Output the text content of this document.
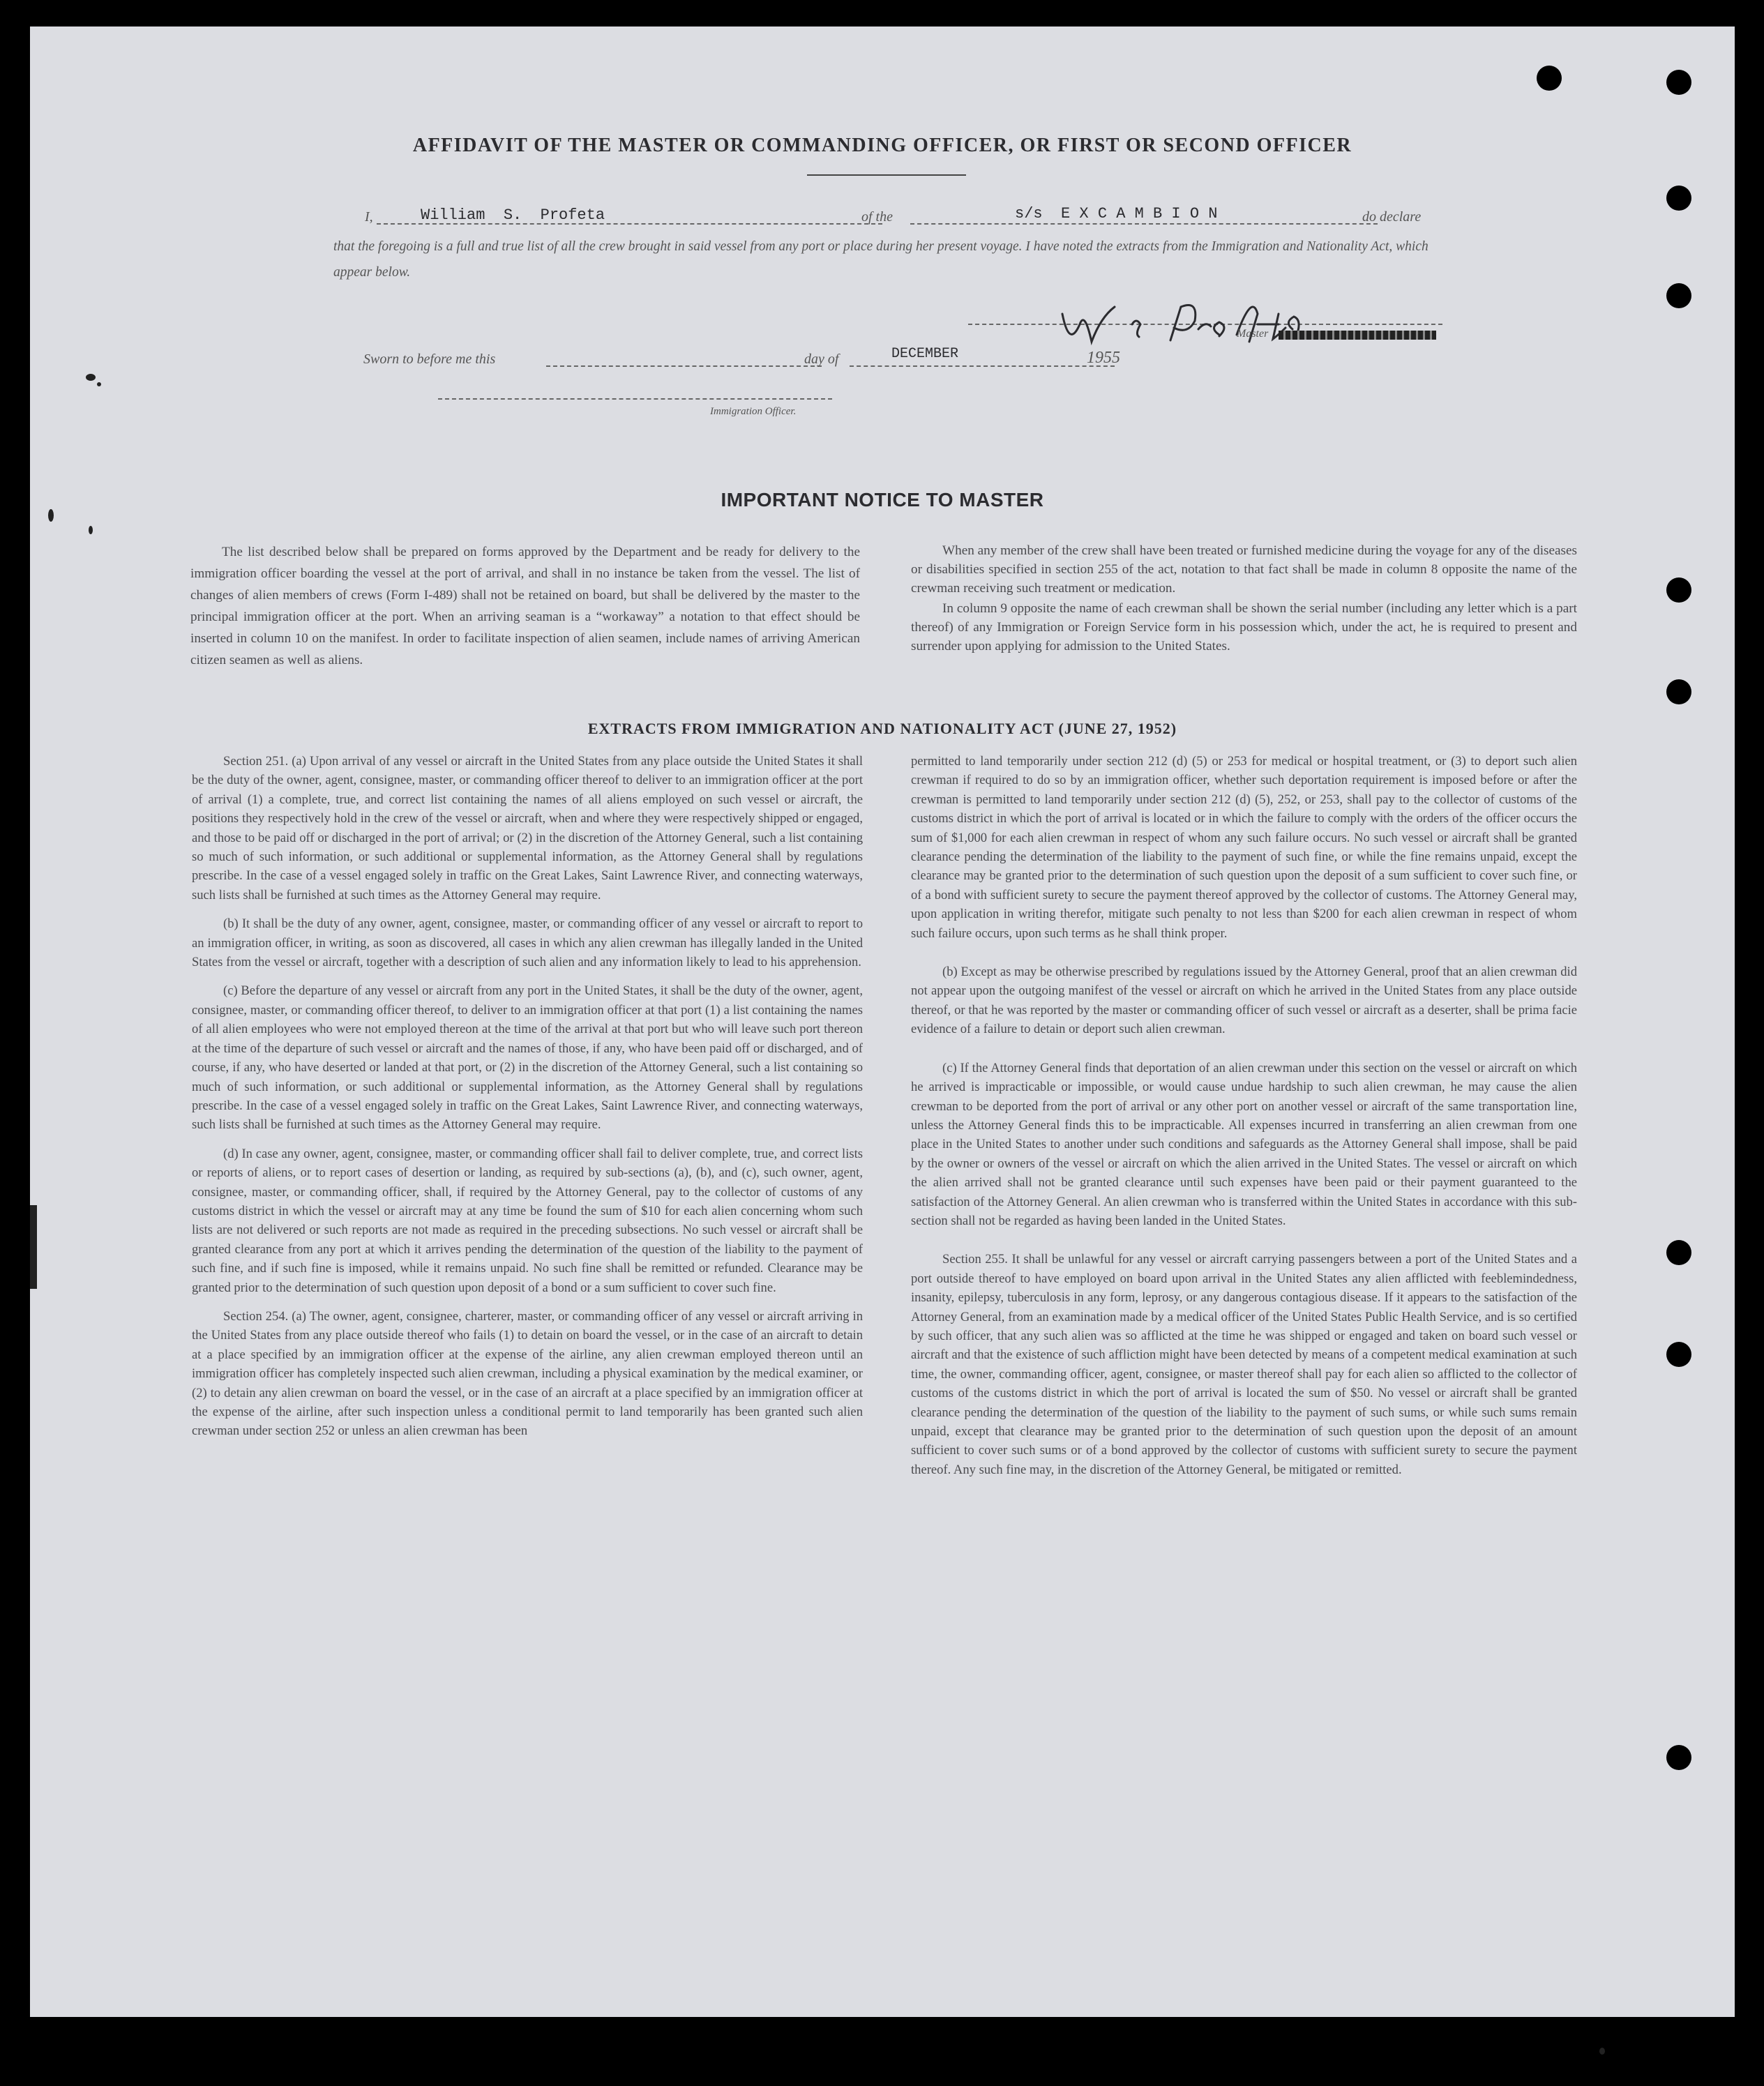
AFFIDAVIT OF THE MASTER OR COMMANDING OFFICER, OR FIRST OR SECOND OFFICER
I,	William  S.  Profeta	of the	s/s  E X C A M B I O N	do declare
that the foregoing is a full and true list of all the crew brought in said vessel from any port or place during her present voyage. I have noted the extracts from the Immigration and Nationality Act, which appear below.
Master
Sworn to before me this	day of	DECEMBER	1955
Immigration Officer.
IMPORTANT NOTICE TO MASTER

The list described below shall be prepared on forms approved by the Department and be ready for delivery to the immigration officer boarding the vessel at the port of arrival, and shall in no instance be taken from the vessel. The list of changes of alien members of crews (Form I-489) shall not be retained on board, but shall be delivered by the master to the principal immigration officer at the port. When an arriving seaman is a “workaway” a notation to that effect should be inserted in column 10 on the manifest. In order to facilitate inspection of alien seamen, include names of arriving American citizen seamen as well as aliens.

When any member of the crew shall have been treated or furnished medicine during the voyage for any of the diseases or disabilities specified in section 255 of the act, notation to that fact shall be made in column 8 opposite the name of the crewman receiving such treatment or medication.

In column 9 opposite the name of each crewman shall be shown the serial number (including any letter which is a part thereof) of any Immigration or Foreign Service form in his possession which, under the act, he is required to present and surrender upon applying for admission to the United States.

EXTRACTS FROM IMMIGRATION AND NATIONALITY ACT (JUNE 27, 1952)

Section 251. (a) Upon arrival of any vessel or aircraft in the United States from any place outside the United States it shall be the duty of the owner, agent, consignee, master, or commanding officer thereof to deliver to an immigration officer at the port of arrival (1) a complete, true, and correct list containing the names of all aliens employed on such vessel or aircraft, the positions they respectively hold in the crew of the vessel or aircraft, when and where they were respectively shipped or engaged, and those to be paid off or discharged in the port of arrival; or (2) in the discretion of the Attorney General, such a list containing so much of such information, or such additional or supplemental information, as the Attorney General shall by regulations prescribe. In the case of a vessel engaged solely in traffic on the Great Lakes, Saint Lawrence River, and connecting waterways, such lists shall be furnished at such times as the Attorney General may require.

(b) It shall be the duty of any owner, agent, consignee, master, or commanding officer of any vessel or aircraft to report to an immigration officer, in writing, as soon as discovered, all cases in which any alien crewman has illegally landed in the United States from the vessel or aircraft, together with a description of such alien and any information likely to lead to his apprehension.

(c) Before the departure of any vessel or aircraft from any port in the United States, it shall be the duty of the owner, agent, consignee, master, or commanding officer thereof, to deliver to an immigration officer at that port (1) a list containing the names of all alien employees who were not employed thereon at the time of the arrival at that port but who will leave such port thereon at the time of the departure of such vessel or aircraft and the names of those, if any, who have been paid off or discharged, and of course, if any, who have deserted or landed at that port, or (2) in the discretion of the Attorney General, such a list containing so much of such information, or such additional or supplemental information, as the Attorney General shall by regulations prescribe. In the case of a vessel engaged solely in traffic on the Great Lakes, Saint Lawrence River, and connecting waterways, such lists shall be furnished at such times as the Attorney General may require.

(d) In case any owner, agent, consignee, master, or commanding officer shall fail to deliver complete, true, and correct lists or reports of aliens, or to report cases of desertion or landing, as required by sub-sections (a), (b), and (c), such owner, agent, consignee, master, or commanding officer, shall, if required by the Attorney General, pay to the collector of customs of any customs district in which the vessel or aircraft may at any time be found the sum of $10 for each alien concerning whom such lists are not delivered or such reports are not made as required in the preceding subsections. No such vessel or aircraft shall be granted clearance from any port at which it arrives pending the determination of the question of the liability to the payment of such fine, and if such fine is imposed, while it remains unpaid. No such fine shall be remitted or refunded. Clearance may be granted prior to the determination of such question upon deposit of a bond or a sum sufficient to cover such fine.

Section 254. (a) The owner, agent, consignee, charterer, master, or commanding officer of any vessel or aircraft arriving in the United States from any place outside thereof who fails (1) to detain on board the vessel, or in the case of an aircraft to detain at a place specified by an immigration officer at the expense of the airline, any alien crewman employed thereon until an immigration officer has completely inspected such alien crewman, including a physical examination by the medical examiner, or (2) to detain any alien crewman on board the vessel, or in the case of an aircraft at a place specified by an immigration officer at the expense of the airline, after such inspection unless a conditional permit to land temporarily has been granted such alien crewman under section 252 or unless an alien crewman has been

permitted to land temporarily under section 212 (d) (5) or 253 for medical or hospital treatment, or (3) to deport such alien crewman if required to do so by an immigration officer, whether such deportation requirement is imposed before or after the crewman is permitted to land temporarily under section 212 (d) (5), 252, or 253, shall pay to the collector of customs of the customs district in which the port of arrival is located or in which the failure to comply with the orders of the officer occurs the sum of $1,000 for each alien crewman in respect of whom any such failure occurs. No such vessel or aircraft shall be granted clearance pending the determination of the liability to the payment of such fine, or while the fine remains unpaid, except the clearance may be granted prior to the determination of such question upon the deposit of a sum sufficient to cover such fine, or of a bond with sufficient surety to secure the payment thereof approved by the collector of customs. The Attorney General may, upon application in writing therefor, mitigate such penalty to not less than $200 for each alien crewman in respect of whom such failure occurs, upon such terms as he shall think proper.

(b) Except as may be otherwise prescribed by regulations issued by the Attorney General, proof that an alien crewman did not appear upon the outgoing manifest of the vessel or aircraft on which he arrived in the United States from any place outside thereof, or that he was reported by the master or commanding officer of such vessel or aircraft as a deserter, shall be prima facie evidence of a failure to detain or deport such alien crewman.

(c) If the Attorney General finds that deportation of an alien crewman under this section on the vessel or aircraft on which he arrived is impracticable or impossible, or would cause undue hardship to such alien crewman, he may cause the alien crewman to be deported from the port of arrival or any other port on another vessel or aircraft of the same transportation line, unless the Attorney General finds this to be impracticable. All expenses incurred in transferring an alien crewman from one place in the United States to another under such conditions and safeguards as the Attorney General shall impose, shall be paid by the owner or owners of the vessel or aircraft on which the alien arrived in the United States. The vessel or aircraft on which the alien arrived shall not be granted clearance until such expenses have been paid or their payment guaranteed to the satisfaction of the Attorney General. An alien crewman who is transferred within the United States in accordance with this sub-section shall not be regarded as having been landed in the United States.

Section 255. It shall be unlawful for any vessel or aircraft carrying passengers between a port of the United States and a port outside thereof to have employed on board upon arrival in the United States any alien afflicted with feeblemindedness, insanity, epilepsy, tuberculosis in any form, leprosy, or any dangerous contagious disease. If it appears to the satisfaction of the Attorney General, from an examination made by a medical officer of the United States Public Health Service, and is so certified by such officer, that any such alien was so afflicted at the time he was shipped or engaged and taken on board such vessel or aircraft and that the existence of such affliction might have been detected by means of a competent medical examination at such time, the owner, commanding officer, agent, consignee, or master thereof shall pay for each alien so afflicted to the collector of customs of the customs district in which the port of arrival is located the sum of $50. No vessel or aircraft shall be granted clearance pending the determination of the question of the liability to the payment of such sums, or while such sums remain unpaid, except that clearance may be granted prior to the determination of such question upon the deposit of an amount sufficient to cover such sums or of a bond approved by the collector of customs with sufficient surety to secure the payment thereof. Any such fine may, in the discretion of the Attorney General, be mitigated or remitted.
